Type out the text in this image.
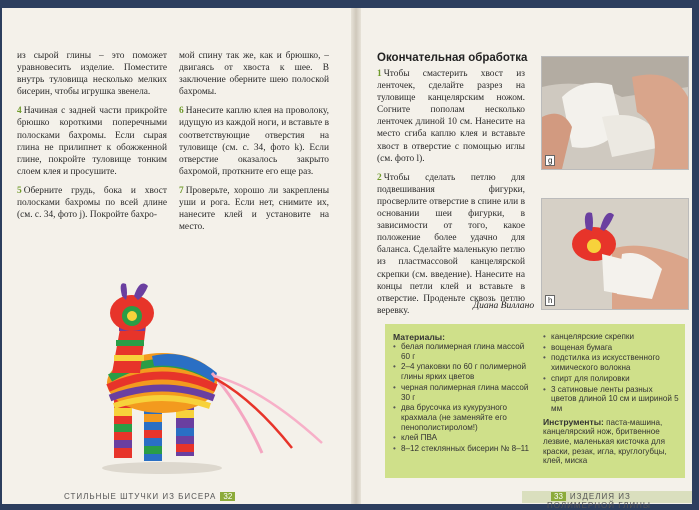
из сырой глины – это поможет уравновесить изделие. Поместите внутрь туловища несколько мелких бисерин, чтобы игрушка звенела.

4 Начиная с задней части прикройте брюшко короткими поперечными полосками бахромы. Если сырая глина не прилипнет к обожженной глине, покройте туловище тонким слоем клея и просушите.

5 Оберните грудь, бока и хвост полосками бахромы по всей длине (см. с. 34, фото j). Покройте бахро-

мой спину так же, как и брюшко, – двигаясь от хвоста к шее. В заключение оберните шею полоской бахромы.

6 Нанесите каплю клея на проволоку, идущую из каждой ноги, и вставьте в соответствующие отверстия на туловище (см. с. 34, фото k). Если отверстие оказалось закрыто бахромой, проткните его еще раз.

7 Проверьте, хорошо ли закреплены уши и рога. Если нет, снимите их, нанесите клей и установите на место.

СТИЛЬНЫЕ ШТУЧКИ ИЗ БИСЕРА 32
Окончательная обработка

1 Чтобы смастерить хвост из ленточек, сделайте разрез на туловище канцелярским ножом. Согните пополам несколько ленточек длиной 10 см. Нанесите на место сгиба каплю клея и вставьте хвост в отверстие с помощью иглы (см. фото l).

2 Чтобы сделать петлю для подвешивания фигурки, просверлите отверстие в спине или в основании шеи фигурки, в зависимости от того, какое положение более удачно для баланса. Сделайте маленькую петлю из пластмассовой канцелярской скрепки (см. введение). Нанесите на концы петли клей и вставьте в отверстие. Проденьте сквозь петлю веревку.	Диана Виллано
g
h
Материалы:
• белая полимерная глина массой 60 г
• 2–4 упаковки по 60 г полимерной глины ярких цветов
• черная полимерная глина массой 30 г
• два брусочка из кукурузного крахмала (не заменяйте его пенополистиролом!)
• клей ПВА
• 8–12 стеклянных бисерин № 8–11
• канцелярские скрепки
• вощеная бумага
• подстилка из искусственного химического волокна
• спирт для полировки
• 3 сатиновые ленты разных цветов длиной 10 см и шириной 5 мм
Инструменты: паста-машина, канцелярский нож, бритвенное лезвие, маленькая кисточка для краски, резак, игла, круглогубцы, клей, миска
33 ИЗДЕЛИЯ ИЗ ПОЛИМЕРНОЙ ГЛИНЫ
